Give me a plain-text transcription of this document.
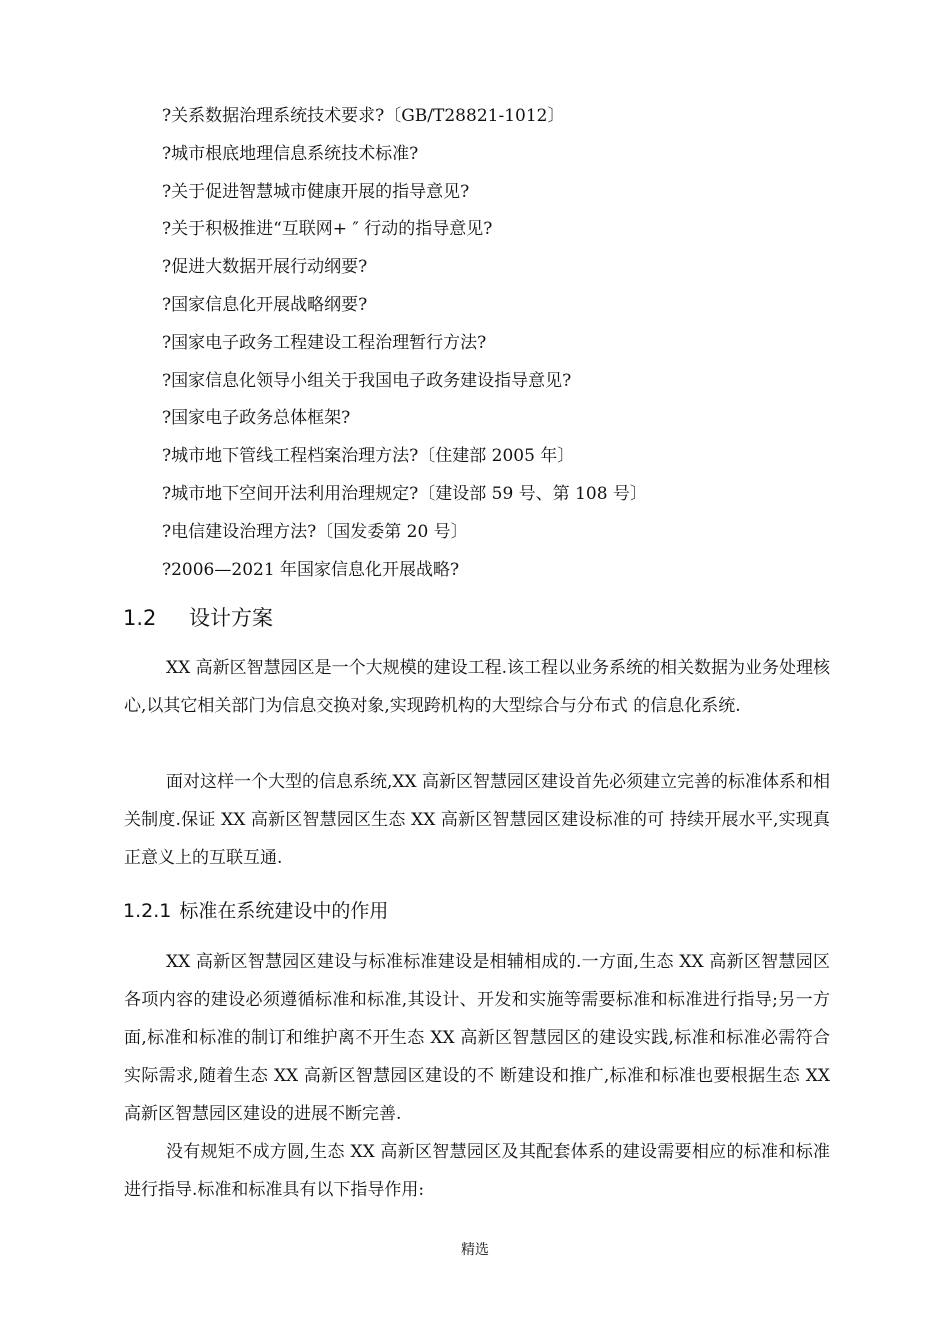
?关系数据治理系统技术要求?〔GB/T28821-1012〕
?城市根底地理信息系统技术标准?
?关于促进智慧城市健康开展的指导意见?
?关于积极推进“互联网+ ″ 行动的指导意见?
?促进大数据开展行动纲要?
?国家信息化开展战略纲要?
?国家电子政务工程建设工程治理暂行方法?
?国家信息化领导小组关于我国电子政务建设指导意见?
?国家电子政务总体框架?
?城市地下管线工程档案治理方法?〔住建部 2005 年〕
?城市地下空间开法利用治理规定?〔建设部 59 号、第 108 号〕
?电信建设治理方法?〔国发委第 20 号〕
?2006—2021 年国家信息化开展战略?
1.2 设计方案

XX 高新区智慧园区是一个大规模的建设工程.该工程以业务系统的相关数据为业务处理核心,以其它相关部门为信息交换对象,实现跨机构的大型综合与分布式 的信息化系统.

面对这样一个大型的信息系统,XX 高新区智慧园区建设首先必须建立完善的标准体系和相关制度.保证 XX 高新区智慧园区生态 XX 高新区智慧园区建设标准的可 持续开展水平,实现真正意义上的互联互通.

1.2.1 标准在系统建设中的作用

XX 高新区智慧园区建设与标准标准建设是相辅相成的.一方面,生态 XX 高新区智慧园区各项内容的建设必须遵循标准和标准,其设计、开发和实施等需要标准和标准进行指导;另一方面,标准和标准的制订和维护离不开生态 XX 高新区智慧园区的建设实践,标准和标准必需符合实际需求,随着生态 XX 高新区智慧园区建设的不 断建设和推广,标准和标准也要根据生态 XX 高新区智慧园区建设的进展不断完善.

没有规矩不成方圆,生态 XX 高新区智慧园区及其配套体系的建设需要相应的标准和标准进行指导.标准和标准具有以下指导作用:

精选
